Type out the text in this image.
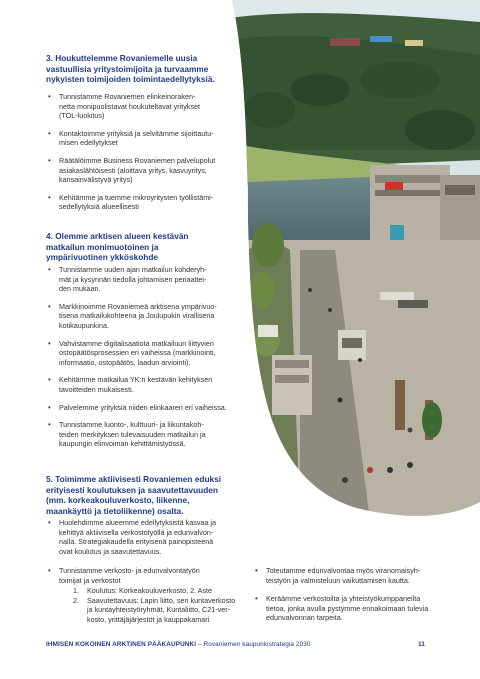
3. Houkuttelemme Rovaniemelle uusia
vastuullisia yritystoimijoita ja turvaamme
nykyisten toimijoiden toimintaedellytyksiä.
• Tunnistamme Rovaniemen elinkeinoraken-
netta monipuolistavat houkuteltavat yritykset
(TOL-luokitus)
• Kontaktoimme yrityksiä ja selvitämme sijoittautu-
misen edellytykset
• Räätälöimme Business Rovaniemen palvelupolut
asiakaslähtöisesti (aloittava yritys, kasvuyritys,
kansainvälistyvä yritys)
• Kehitämme ja tuemme mikroyritysten työllistämi-
sedellytyksiä alueellisesti
4. Olemme arktisen alueen kestävän
matkailun monimuotoinen ja
ympärivuotinen ykköskohde
• Tunnistamme uuden ajan matkailun kohderyh-
mät ja kysynnän tiedolla johtamisen periaattei-
den mukaan.
• Markkinoimme Rovaniemeä arktisena ympärivuo-
tisena matkailukohteena ja Joulupukin virallisena
kotikaupunkina.
• Vahvistamme digitalisaatiota matkailuun liittyvien
ostopäätösprosessien eri vaiheissa (markkinointi,
informaatio, ostopäätös, laadun arviointi).
• Kehitämme matkailua YK:n kestävän kehityksen
tavoitteiden mukaisesti.
• Palvelemme yrityksiä niiden elinkaaren eri vaiheissa.
• Tunnistamme luonto-, kulttuuri- ja liikuntakoh-
teiden merkityksen tulevaisuuden matkailun ja
kaupungin elinvoiman kehittämistyössä.
5. Toimimme aktiivisesti Rovaniemen eduksi
erityisesti koulutuksen ja saavutettavuuden
(mm. korkeakouluverkosto, liikenne,
maankäyttö ja tietoliikenne) osalta.
• Huolehdimme alueemme edellytyksistä kasvaa ja
kehittyä aktiivisella verkostotyöllä ja edunvalvon-
nalla. Strategiakaudella erityisenä painopisteenä
ovat koulutus ja saavutettavuus.
• Tunnistamme verkosto- ja edunvalvontatyön
toimijat ja verkostot
1. Koulutus: Korkeakouluverkosto, 2. Aste
2. Saavutettavuus: Lapin liitto, sen kuntaverkosto
ja kuntayhteistyöryhmät, Kuntaliitto, C21-ver-
kosto, yrittäjäjärjestöt ja kauppakamari
• Toteutamme edunvalvontaa myös viranomaisyh-
teistyön ja valmisteluun vaikuttamisen kautta.
• Keräämme verkostoilta ja yhteistyökumppaneilta
tietoa, jonka avulla pystymme ennakoimaan tulevia
edunvalvonnan tarpeita.
IHMISEN KOKOINEN ARKTINEN PÄÄKAUPUNKI – Rovaniemen kaupunkistrategia 2030	11
